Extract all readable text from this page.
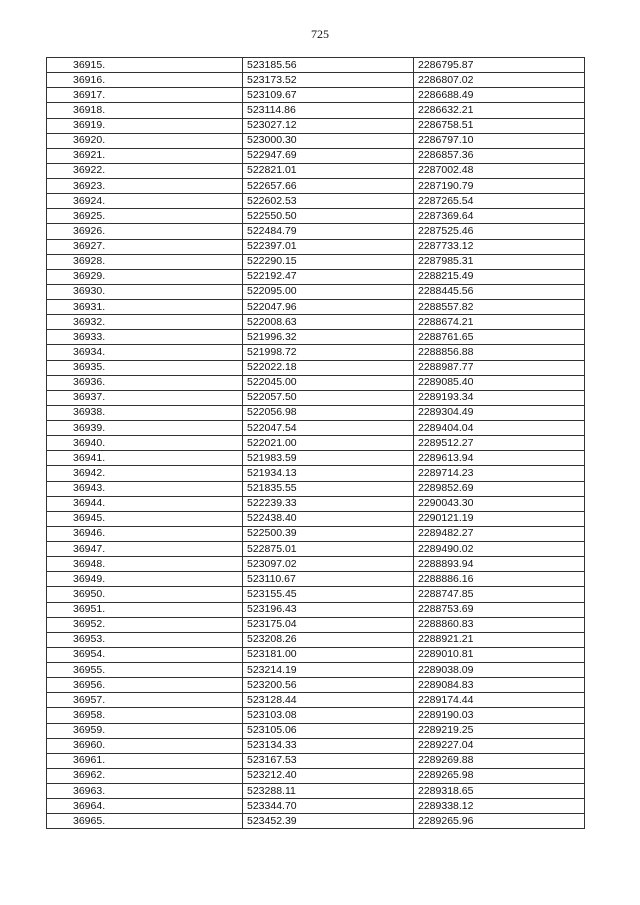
725
36915.	523185.56	2286795.87
36916.	523173.52	2286807.02
36917.	523109.67	2286688.49
36918.	523114.86	2286632.21
36919.	523027.12	2286758.51
36920.	523000.30	2286797.10
36921.	522947.69	2286857.36
36922.	522821.01	2287002.48
36923.	522657.66	2287190.79
36924.	522602.53	2287265.54
36925.	522550.50	2287369.64
36926.	522484.79	2287525.46
36927.	522397.01	2287733.12
36928.	522290.15	2287985.31
36929.	522192.47	2288215.49
36930.	522095.00	2288445.56
36931.	522047.96	2288557.82
36932.	522008.63	2288674.21
36933.	521996.32	2288761.65
36934.	521998.72	2288856.88
36935.	522022.18	2288987.77
36936.	522045.00	2289085.40
36937.	522057.50	2289193.34
36938.	522056.98	2289304.49
36939.	522047.54	2289404.04
36940.	522021.00	2289512.27
36941.	521983.59	2289613.94
36942.	521934.13	2289714.23
36943.	521835.55	2289852.69
36944.	522239.33	2290043.30
36945.	522438.40	2290121.19
36946.	522500.39	2289482.27
36947.	522875.01	2289490.02
36948.	523097.02	2288893.94
36949.	523110.67	2288886.16
36950.	523155.45	2288747.85
36951.	523196.43	2288753.69
36952.	523175.04	2288860.83
36953.	523208.26	2288921.21
36954.	523181.00	2289010.81
36955.	523214.19	2289038.09
36956.	523200.56	2289084.83
36957.	523128.44	2289174.44
36958.	523103.08	2289190.03
36959.	523105.06	2289219.25
36960.	523134.33	2289227.04
36961.	523167.53	2289269.88
36962.	523212.40	2289265.98
36963.	523288.11	2289318.65
36964.	523344.70	2289338.12
36965.	523452.39	2289265.96
